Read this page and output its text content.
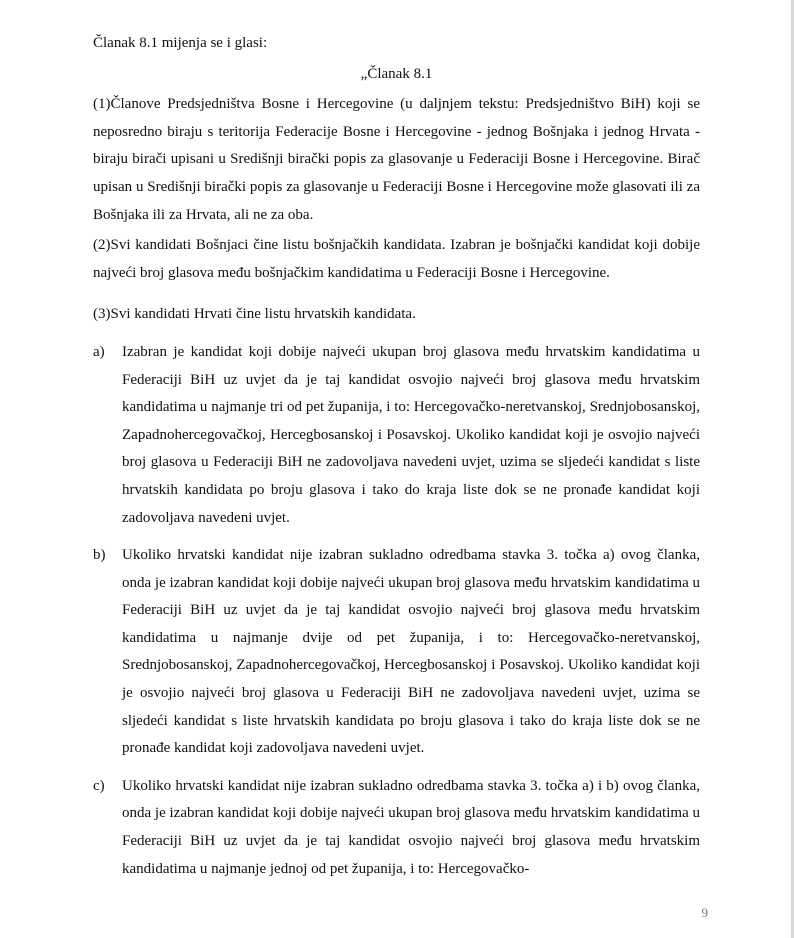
Članak 8.1 mijenja se i glasi:

„Članak 8.1

(1)Članove Predsjedništva Bosne i Hercegovine (u daljnjem tekstu: Predsjedništvo BiH) koji se neposredno biraju s teritorija Federacije Bosne i Hercegovine - jednog Bošnjaka i jednog Hrvata - biraju birači upisani u Središnji birački popis za glasovanje u Federaciji Bosne i Hercegovine. Birač upisan u Središnji birački popis za glasovanje u Federaciji Bosne i Hercegovine može glasovati ili za Bošnjaka ili za Hrvata, ali ne za oba.

(2)Svi kandidati Bošnjaci čine listu bošnjačkih kandidata. Izabran je bošnjački kandidat koji dobije najveći broj glasova među bošnjačkim kandidatima u Federaciji Bosne i Hercegovine.

(3)Svi kandidati Hrvati čine listu hrvatskih kandidata.

a)	Izabran je kandidat koji dobije najveći ukupan broj glasova među hrvatskim kandidatima u Federaciji BiH uz uvjet da je taj kandidat osvojio najveći broj glasova među hrvatskim kandidatima u najmanje tri od pet županija, i to: Hercegovačko-neretvanskoj, Srednjobosanskoj, Zapadnohercegovačkoj, Hercegbosanskoj i Posavskoj. Ukoliko kandidat koji je osvojio najveći broj glasova u Federaciji BiH ne zadovoljava navedeni uvjet, uzima se sljedeći kandidat s liste hrvatskih kandidata po broju glasova i tako do kraja liste dok se ne pronađe kandidat koji zadovoljava navedeni uvjet.
b)	Ukoliko hrvatski kandidat nije izabran sukladno odredbama stavka 3. točka a) ovog članka, onda je izabran kandidat koji dobije najveći ukupan broj glasova među hrvatskim kandidatima u Federaciji BiH uz uvjet da je taj kandidat osvojio najveći broj glasova među hrvatskim kandidatima u najmanje dvije od pet županija, i to: Hercegovačko-neretvanskoj, Srednjobosanskoj, Zapadnohercegovačkoj, Hercegbosanskoj i Posavskoj. Ukoliko kandidat koji je osvojio najveći broj glasova u Federaciji BiH ne zadovoljava navedeni uvjet, uzima se sljedeći kandidat s liste hrvatskih kandidata po broju glasova i tako do kraja liste dok se ne pronađe kandidat koji zadovoljava navedeni uvjet.
c)	Ukoliko hrvatski kandidat nije izabran sukladno odredbama stavka 3. točka a) i b) ovog članka, onda je izabran kandidat koji dobije najveći ukupan broj glasova među hrvatskim kandidatima u Federaciji BiH uz uvjet da je taj kandidat osvojio najveći broj glasova među hrvatskim kandidatima u najmanje jednoj od pet županija, i to: Hercegovačko-
9
